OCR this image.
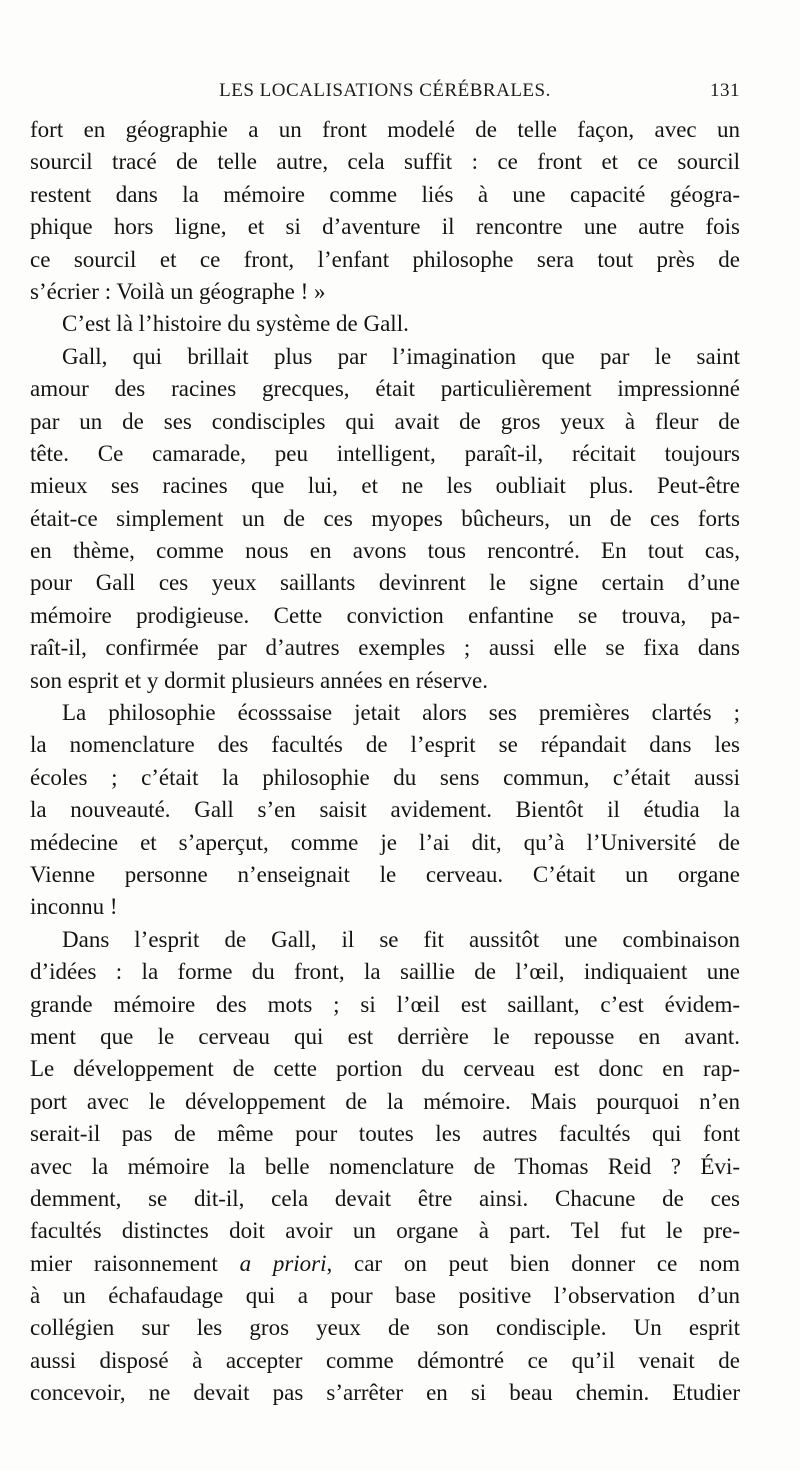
LES LOCALISATIONS CÉRÉBRALES.	131
fort en géographie a un front modelé de telle façon, avec un
sourcil tracé de telle autre, cela suffit : ce front et ce sourcil
restent dans la mémoire comme liés à une capacité géogra-
phique hors ligne, et si d’aventure il rencontre une autre fois
ce sourcil et ce front, l’enfant philosophe sera tout près de
s’écrier : Voilà un géographe ! »
C’est là l’histoire du système de Gall.
Gall, qui brillait plus par l’imagination que par le saint
amour des racines grecques, était particulièrement impressionné
par un de ses condisciples qui avait de gros yeux à fleur de
tête. Ce camarade, peu intelligent, paraît-il, récitait toujours
mieux ses racines que lui, et ne les oubliait plus. Peut-être
était-ce simplement un de ces myopes bûcheurs, un de ces forts
en thème, comme nous en avons tous rencontré. En tout cas,
pour Gall ces yeux saillants devinrent le signe certain d’une
mémoire prodigieuse. Cette conviction enfantine se trouva, pa-
raît-il, confirmée par d’autres exemples ; aussi elle se fixa dans
son esprit et y dormit plusieurs années en réserve.
La philosophie écosssaise jetait alors ses premières clartés ;
la nomenclature des facultés de l’esprit se répandait dans les
écoles ; c’était la philosophie du sens commun, c’était aussi
la nouveauté. Gall s’en saisit avidement. Bientôt il étudia la
médecine et s’aperçut, comme je l’ai dit, qu’à l’Université de
Vienne personne n’enseignait le cerveau. C’était un organe
inconnu !
Dans l’esprit de Gall, il se fit aussitôt une combinaison
d’idées : la forme du front, la saillie de l’œil, indiquaient une
grande mémoire des mots ; si l’œil est saillant, c’est évidem-
ment que le cerveau qui est derrière le repousse en avant.
Le développement de cette portion du cerveau est donc en rap-
port avec le développement de la mémoire. Mais pourquoi n’en
serait-il pas de même pour toutes les autres facultés qui font
avec la mémoire la belle nomenclature de Thomas Reid ? Évi-
demment, se dit-il, cela devait être ainsi. Chacune de ces
facultés distinctes doit avoir un organe à part. Tel fut le pre-
mier raisonnement a priori, car on peut bien donner ce nom
à un échafaudage qui a pour base positive l’observation d’un
collégien sur les gros yeux de son condisciple. Un esprit
aussi disposé à accepter comme démontré ce qu’il venait de
concevoir, ne devait pas s’arrêter en si beau chemin. Etudier
